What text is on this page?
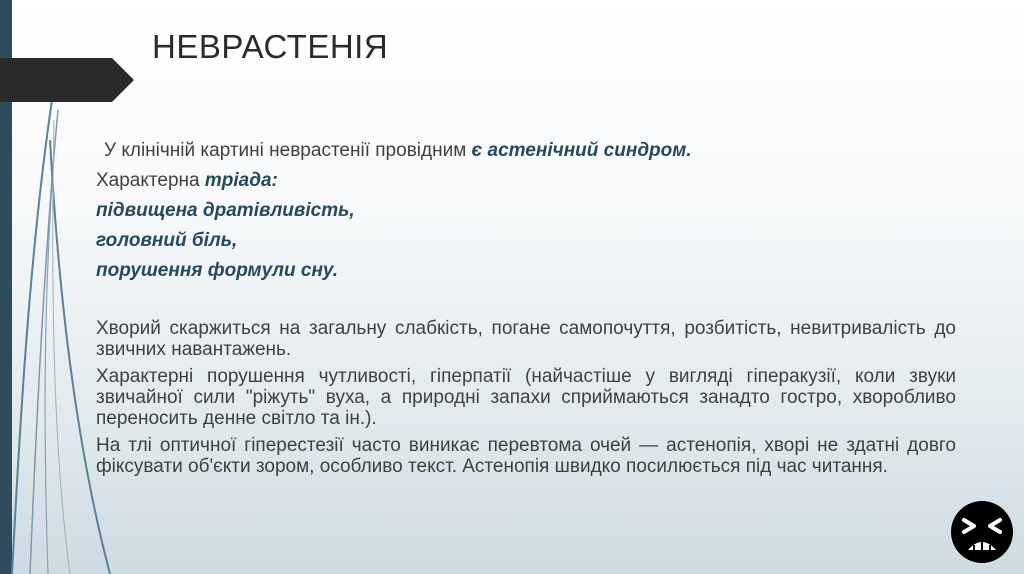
НЕВРАСТЕНІЯ

У клінічній картині неврастенії провідним є астенічний синдром.

Характерна тріада:

підвищена дратівливість,

головний біль,

порушення формули сну.

Хворий скаржиться на загальну слабкість, погане самопочуття, розбитість, невитривалість до звичних навантажень.

Характерні порушення чутливості, гіперпатії (найчастіше у вигляді гіперакузії, коли звуки звичайної сили "ріжуть" вуха, а природні запахи сприймаються занадто гостро, хворобливо переносить денне світло та ін.).

На тлі оптичної гіперестезії часто виникає перевтома очей — астенопія, хворі не здатні довго фіксувати об'єкти зором, особливо текст. Астенопія швидко посилюється під час читання.
